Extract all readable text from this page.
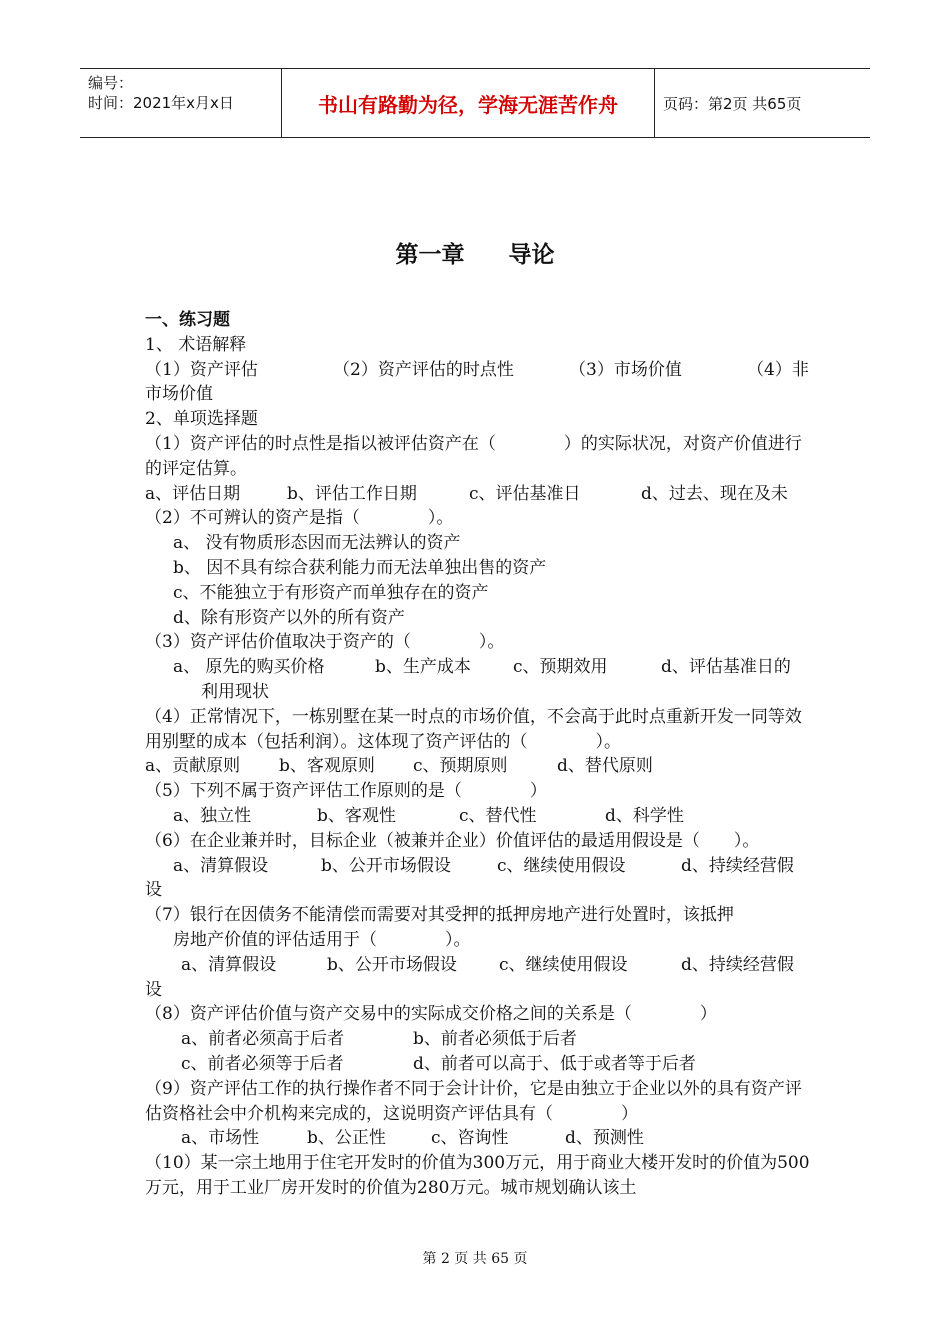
编号：
时间：2021年x月x日	书山有路勤为径，学海无涯苦作舟	页码：第2页 共65页
第一章 导论

一、练习题

1、 术语解释

（1）资产评估	（2）资产评估的时点性	（3）市场价值	（4）非

市场价值

2、单项选择题

（1）资产评估的时点性是指以被评估资产在（　　　　）的实际状况，对资产价值进行的评定估算。

a、评估日期	b、评估工作日期	c、评估基准日	d、过去、现在及未

（2）不可辨认的资产是指（　　　　）。

a、 没有物质形态因而无法辨认的资产

b、 因不具有综合获利能力而无法单独出售的资产

c、不能独立于有形资产而单独存在的资产

d、除有形资产以外的所有资产

（3）资产评估价值取决于资产的（　　　　）。

a、 原先的购买价格	b、生产成本 c、预期效用	d、评估基准日的

利用现状

（4）正常情况下，一栋别墅在某一时点的市场价值，不会高于此时点重新开发一同等效用别墅的成本（包括利润）。这体现了资产评估的（　　　　）。

a、贡献原则 b、客观原则 c、预期原则	d、替代原则

（5）下列不属于资产评估工作原则的是（　　　　）

a、独立性	b、客观性	c、替代性	d、科学性

（6）在企业兼并时，目标企业（被兼并企业）价值评估的最适用假设是（　　）。

a、清算假设	b、公开市场假设	c、继续使用假设	d、持续经营假

设

（7）银行在因债务不能清偿而需要对其受押的抵押房地产进行处置时，该抵押

房地产价值的评估适用于（　　　　）。

a、清算假设	b、公开市场假设 c、继续使用假设	d、持续经营假

设

（8）资产评估价值与资产交易中的实际成交价格之间的关系是（　　　　）

a、前者必须高于后者	b、前者必须低于后者

c、前者必须等于后者	d、前者可以高于、低于或者等于后者

（9）资产评估工作的执行操作者不同于会计计价，它是由独立于企业以外的具有资产评估资格社会中介机构来完成的，这说明资产评估具有（　　　　）

a、市场性	b、公正性	c、咨询性	d、预测性

（10）某一宗土地用于住宅开发时的价值为300万元，用于商业大楼开发时的价值为500万元，用于工业厂房开发时的价值为280万元。城市规划确认该土

第 2 页 共 65 页
